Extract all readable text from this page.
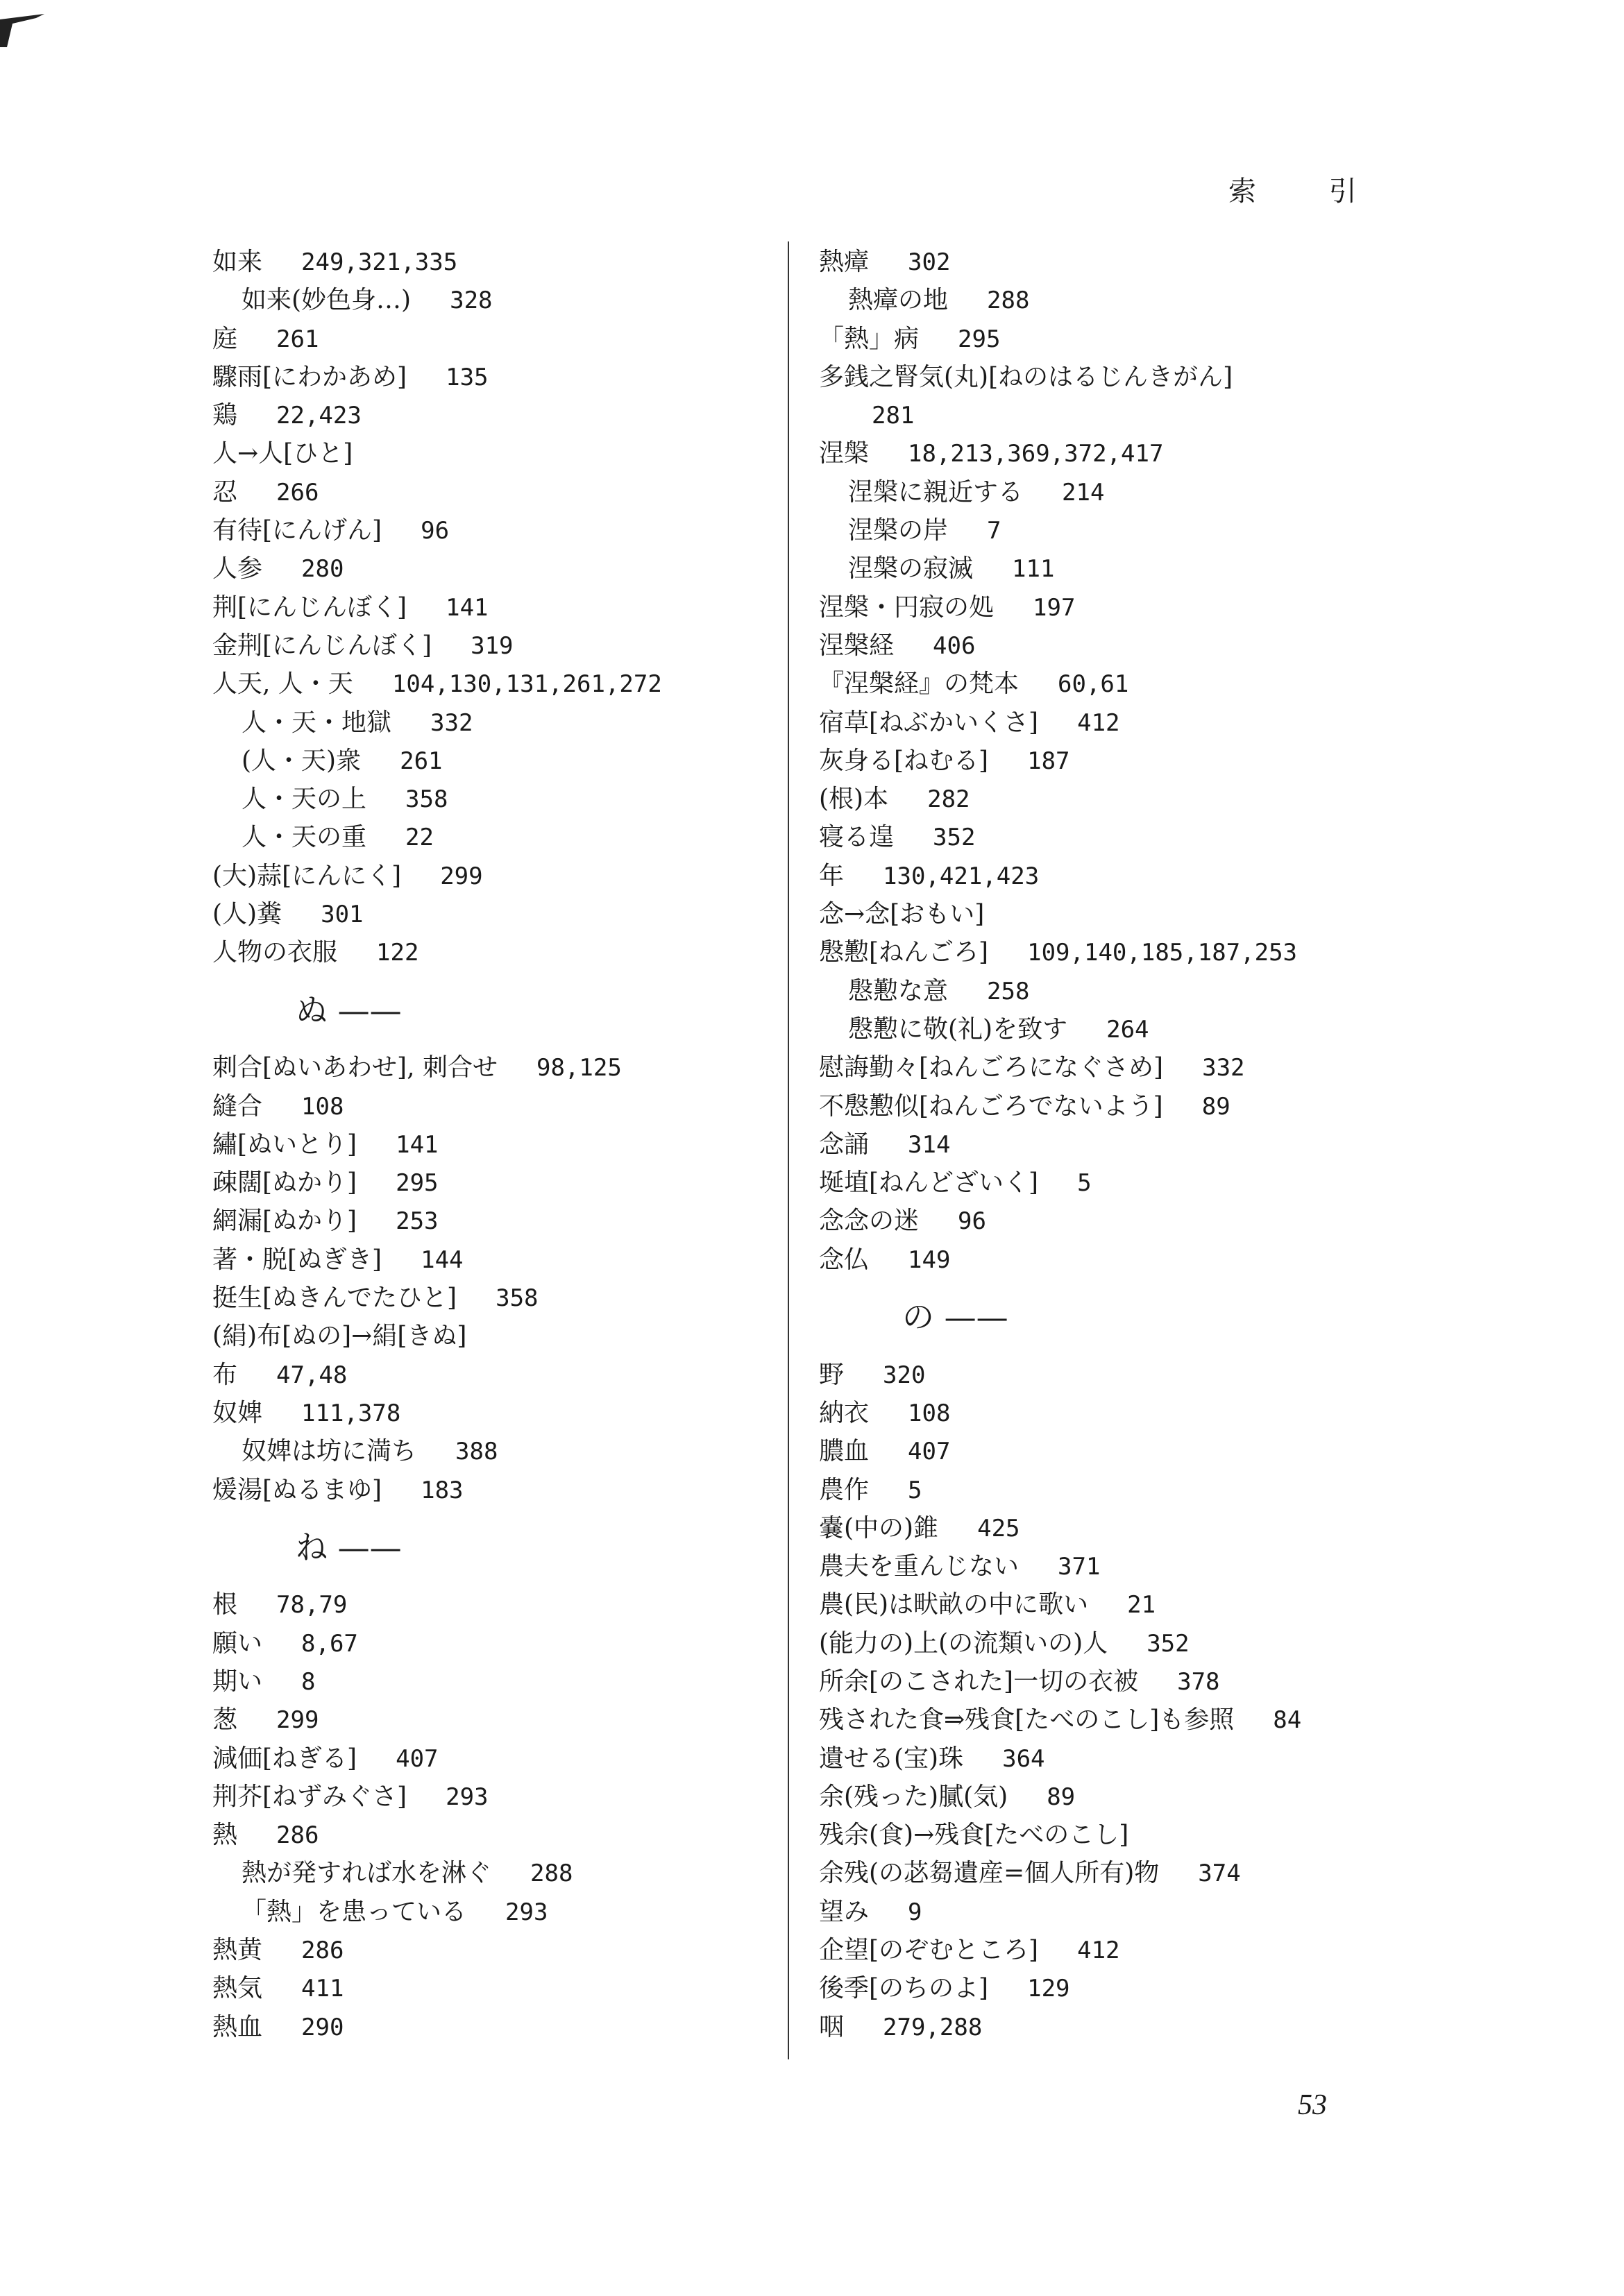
索 引
如来 249,321,335
如来(妙色身…) 328
庭 261
驟雨[にわかあめ] 135
鶏 22,423
人→人[ひと]
忍 266
有待[にんげん] 96
人参 280
荆[にんじんぼく] 141
金荆[にんじんぼく] 319
人天, 人・天 104,130,131,261,272
人・天・地獄 332
(人・天)衆 261
人・天の上 358
人・天の重 22
(大)蒜[にんにく] 299
(人)糞 301
人物の衣服 122
ぬ ——
刺合[ぬいあわせ], 刺合せ 98,125
縫合 108
繡[ぬいとり] 141
疎闊[ぬかり] 295
網漏[ぬかり] 253
著・脱[ぬぎき] 144
挺生[ぬきんでたひと] 358
(絹)布[ぬの]→絹[きぬ]
布 47,48
奴婢 111,378
奴婢は坊に満ち 388
煖湯[ぬるまゆ] 183
ね ——
根 78,79
願い 8,67
期い 8
葱 299
減価[ねぎる] 407
荆芥[ねずみぐさ] 293
熱 286
熱が発すれば水を淋ぐ 288
「熱」を患っている 293
熱黄 286
熱気 411
熱血 290
熱瘴 302
熱瘴の地 288
「熱」病 295
多銭之腎気(丸)[ねのはるじんきがん]
281
涅槃 18,213,369,372,417
涅槃に親近する 214
涅槃の岸 7
涅槃の寂滅 111
涅槃・円寂の処 197
涅槃経 406
『涅槃経』の梵本 60,61
宿草[ねぶかいくさ] 412
灰身る[ねむる] 187
(根)本 282
寝る遑 352
年 130,421,423
念→念[おもい]
慇懃[ねんごろ] 109,140,185,187,253
慇懃な意 258
慇懃に敬(礼)を致す 264
慰誨勤々[ねんごろになぐさめ] 332
不慇懃似[ねんごろでないよう] 89
念誦 314
埏埴[ねんどざいく] 5
念念の迷 96
念仏 149
の ——
野 320
納衣 108
膿血 407
農作 5
嚢(中の)錐 425
農夫を重んじない 371
農(民)は畎畝の中に歌い 21
(能力の)上(の流類いの)人 352
所余[のこされた]一切の衣被 378
残された食⇒残食[たべのこし]も参照 84
遺せる(宝)珠 364
余(残った)膩(気) 89
残余(食)→残食[たべのこし]
余残(の苾芻遺産=個人所有)物 374
望み 9
企望[のぞむところ] 412
後季[のちのよ] 129
咽 279,288
53
